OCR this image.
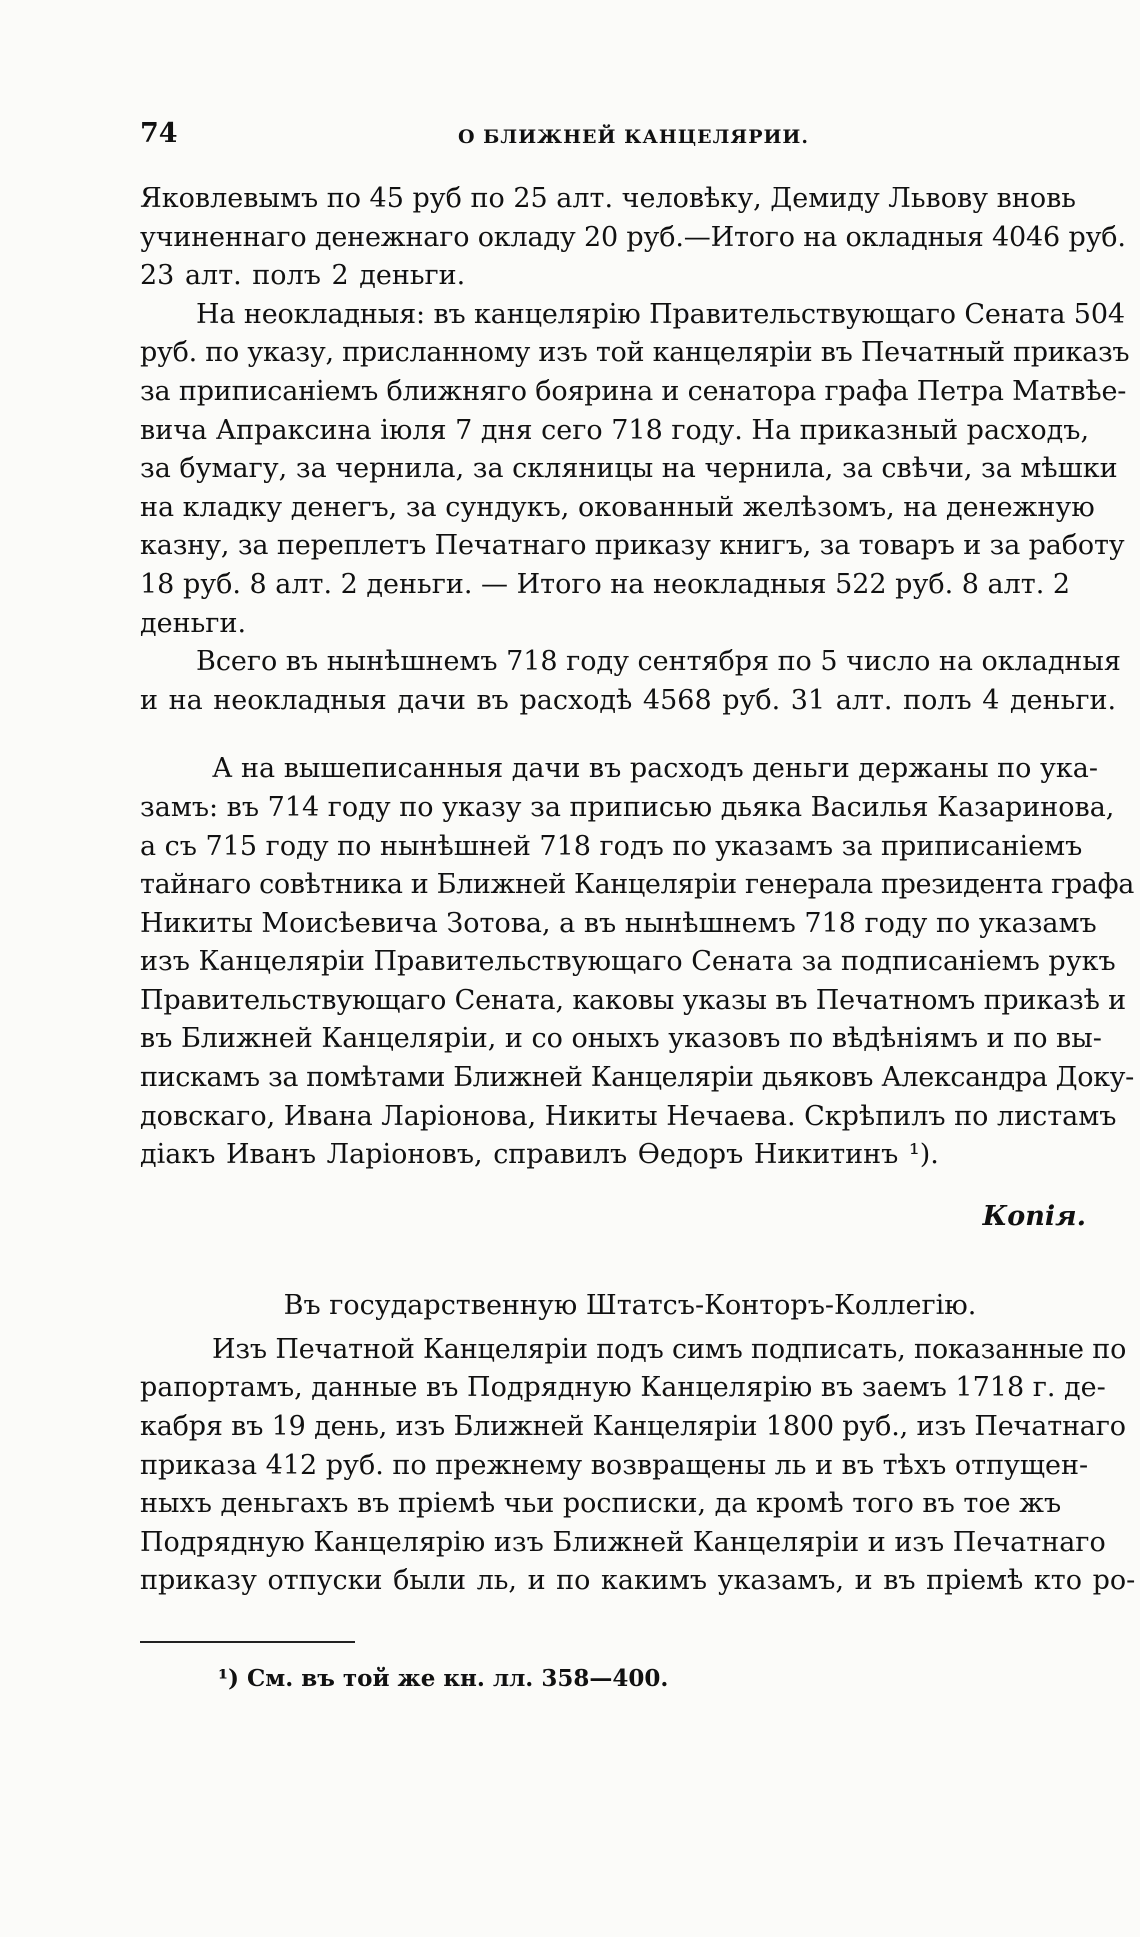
74	О БЛИЖНЕЙ КАНЦЕЛЯРИИ.

Яковлевымъ по 45 руб по 25 алт. человѣку, Демиду Львову вновь
учиненнаго денежнаго окладу 20 руб.—Итого на окладныя 4046 руб.
23 алт. полъ 2 деньги.

На неокладныя: въ канцелярію Правительствующаго Сената 504
руб. по указу, присланному изъ той канцеляріи въ Печатный приказъ
за приписаніемъ ближняго боярина и сенатора графа Петра Матвѣе-
вича Апраксина іюля 7 дня сего 718 году. На приказный расходъ,
за бумагу, за чернила, за скляницы на чернила, за свѣчи, за мѣшки
на кладку денегъ, за сундукъ, окованный желѣзомъ, на денежную
казну, за переплетъ Печатнаго приказу книгъ, за товаръ и за работу
18 руб. 8 алт. 2 деньги. — Итого на неокладныя 522 руб. 8 алт. 2
деньги.

Всего въ нынѣшнемъ 718 году сентября по 5 число на окладныя
и на неокладныя дачи въ расходѣ 4568 руб. 31 алт. полъ 4 деньги.

А на вышеписанныя дачи въ расходъ деньги держаны по ука-
замъ: въ 714 году по указу за приписью дьяка Василья Казаринова,
а съ 715 году по нынѣшней 718 годъ по указамъ за приписаніемъ
тайнаго совѣтника и Ближней Канцеляріи генерала президента графа
Никиты Моисѣевича Зотова, а въ нынѣшнемъ 718 году по указамъ
изъ Канцеляріи Правительствующаго Сената за подписаніемъ рукъ
Правительствующаго Сената, каковы указы въ Печатномъ приказѣ и
въ Ближней Канцеляріи, и со оныхъ указовъ по вѣдѣніямъ и по вы-
пискамъ за помѣтами Ближней Канцеляріи дьяковъ Александра Доку-
довскаго, Ивана Ларіонова, Никиты Нечаева. Скрѣпилъ по листамъ
діакъ Иванъ Ларіоновъ, справилъ Ѳедоръ Никитинъ ¹).

Копія.
Въ государственную Штатсъ-Конторъ-Коллегію.

Изъ Печатной Канцеляріи подъ симъ подписать, показанные по
рапортамъ, данные въ Подрядную Канцелярію въ заемъ 1718 г. де-
кабря въ 19 день, изъ Ближней Канцеляріи 1800 руб., изъ Печатнаго
приказа 412 руб. по прежнему возвращены ль и въ тѣхъ отпущен-
ныхъ деньгахъ въ пріемѣ чьи росписки, да кромѣ того въ тое жъ
Подрядную Канцелярію изъ Ближней Канцеляріи и изъ Печатнаго
приказу отпуски были ль, и по какимъ указамъ, и въ пріемѣ кто ро-

¹) См. въ той же кн. лл. 358—400.
